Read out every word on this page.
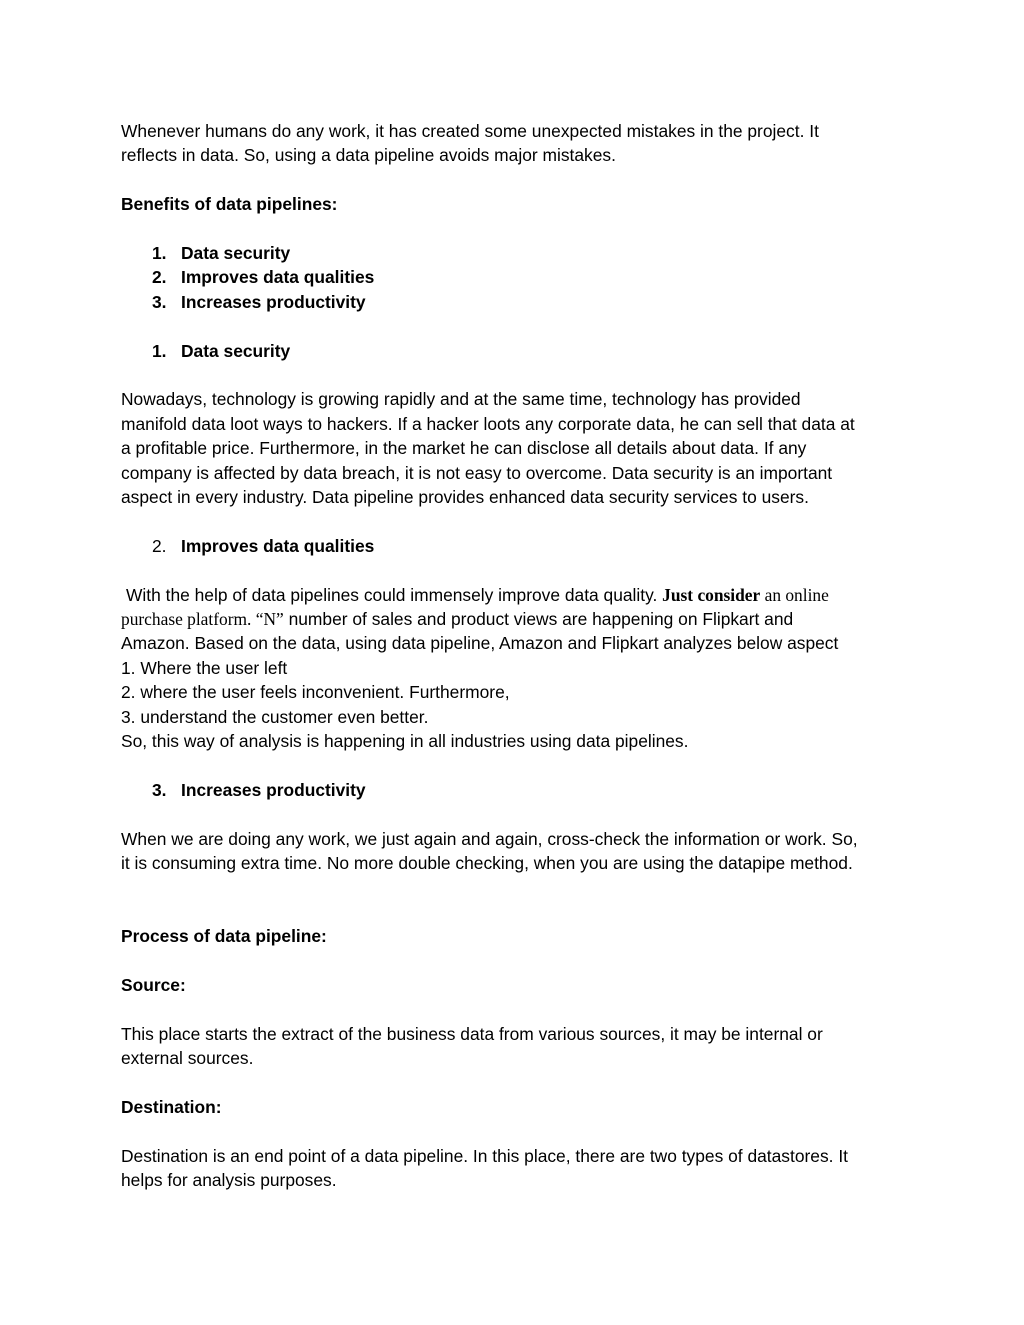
Whenever humans do any work, it has created some unexpected mistakes in the project. It

reflects in data. So, using a data pipeline avoids major mistakes.

Benefits of data pipelines:

1. Data security
2. Improves data qualities
3. Increases productivity
1. Data security

Nowadays, technology is growing rapidly and at the same time, technology has provided

manifold data loot ways to hackers. If a hacker loots any corporate data, he can sell that data at

a profitable price. Furthermore, in the market he can disclose all details about data. If any

company is affected by data breach, it is not easy to overcome. Data security is an important

aspect in every industry. Data pipeline provides enhanced data security services to users.

2. Improves data qualities

With the help of data pipelines could immensely improve data quality. Just consider an online

purchase platform. “N” number of sales and product views are happening on Flipkart and

Amazon. Based on the data, using data pipeline, Amazon and Flipkart analyzes below aspect

1. Where the user left

2. where the user feels inconvenient. Furthermore,

3. understand the customer even better.

So, this way of analysis is happening in all industries using data pipelines.

3. Increases productivity

When we are doing any work, we just again and again, cross-check the information or work. So,

it is consuming extra time. No more double checking, when you are using the datapipe method.

Process of data pipeline:

Source:

This place starts the extract of the business data from various sources, it may be internal or

external sources.

Destination:

Destination is an end point of a data pipeline. In this place, there are two types of datastores. It

helps for analysis purposes.
